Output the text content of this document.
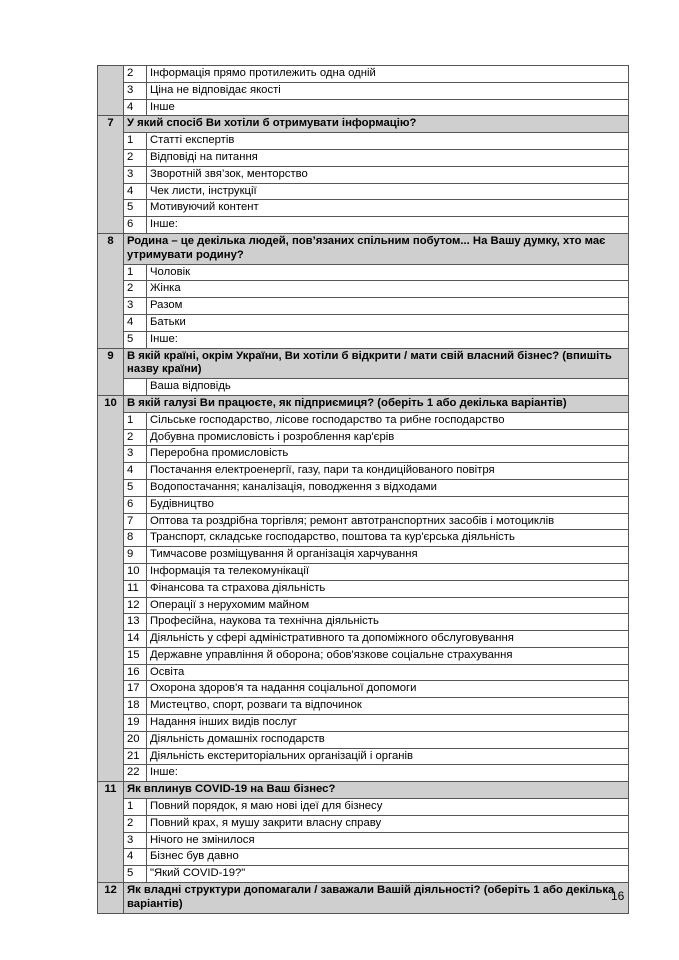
	2	Інформація прямо протилежить одна одній
	3	Ціна не відповідає якості
	4	Інше
7	У який спосіб Ви хотіли б отримувати інформацію?	
	1	Статті експертів
	2	Відповіді на питання
	3	Зворотній звя’зок, менторство
	4	Чек листи, інструкції
	5	Мотивуючий контент
	6	Інше:
8	Родина – це декілька людей, пов’язаних спільним побутом... На Вашу думку, хто має утримувати родину?	
	1	Чоловік
	2	Жінка
	3	Разом
	4	Батьки
	5	Інше:
9	В якій країні, окрім України, Ви хотіли б відкрити / мати свій власний бізнес? (впишіть назву країни)	
		Ваша відповідь
10	В якій галузі Ви працюєте, як підприємиця? (оберіть 1 або декілька варіантів)	
	1	Сільське господарство, лісове господарство та рибне господарство
	2	Добувна промисловість і розроблення кар'єрів
	3	Переробна промисловість
	4	Постачання електроенергії, газу, пари та кондиційованого повітря
	5	Водопостачання; каналізація, поводження з відходами
	6	Будівництво
	7	Оптова та роздрібна торгівля; ремонт автотранспортних засобів і мотоциклів
	8	Транспорт, складське господарство, поштова та кур'єрська діяльність
	9	Тимчасове розміщування й організація харчування
	10	Інформація та телекомунікації
	11	Фінансова та страхова діяльність
	12	Операції з нерухомим майном
	13	Професійна, наукова та технічна діяльність
	14	Діяльність у сфері адміністративного та допоміжного обслуговування
	15	Державне управління й оборона; обов'язкове соціальне страхування
	16	Освіта
	17	Охорона здоров'я та надання соціальної допомоги
	18	Мистецтво, спорт, розваги та відпочинок
	19	Надання інших видів послуг
	20	Діяльність домашніх господарств
	21	Діяльність екстериторіальних організацій і органів
	22	Інше:
11	Як вплинув COVID-19 на Ваш бізнес?	
	1	Повний порядок, я маю нові ідеї для бізнесу
	2	Повний крах, я мушу закрити власну справу
	3	Нічого не змінилося
	4	Бізнес був давно
	5	"Який COVID-19?"
12	Як владні структури допомагали / заважали Вашій діяльності? (оберіть 1 або декілька варіантів)	
16
